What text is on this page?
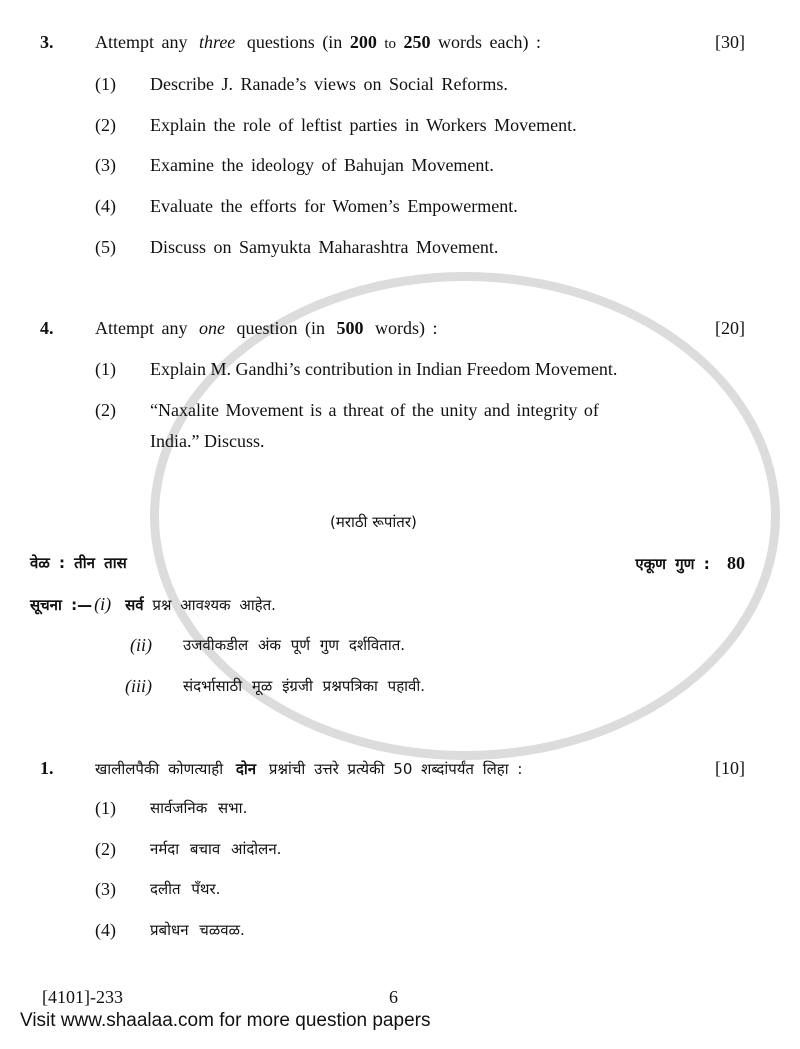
3.	Attempt any three questions (in 200 to 250 words each) :	[30]
(1) Describe J. Ranade’s views on Social Reforms.
(2) Explain the role of leftist parties in Workers Movement.
(3) Examine the ideology of Bahujan Movement.
(4) Evaluate the efforts for Women’s Empowerment.
(5) Discuss on Samyukta Maharashtra Movement.
4.	Attempt any one question (in 500 words) :	[20]
(1) Explain M. Gandhi’s contribution in Indian Freedom Movement.
(2) “Naxalite Movement is a threat of the unity and integrity of
India.” Discuss.
(मराठी रूपांतर)
वेळ : तीन तास	एकूण गुण : 80
सूचना :— (i) सर्व प्रश्न आवश्यक आहेत.
(ii) उजवीकडील अंक पूर्ण गुण दर्शवितात.
(iii) संदर्भासाठी मूळ इंग्रजी प्रश्नपत्रिका पहावी.
1.	खालीलपैकी कोणत्याही दोन प्रश्नांची उत्तरे प्रत्येकी 50 शब्दांपर्यंत लिहा :	[10]
(1) सार्वजनिक सभा.
(2) नर्मदा बचाव आंदोलन.
(3) दलीत पँथर.
(4) प्रबोधन चळवळ.
[4101]-233	6
Visit www.shaalaa.com for more question papers
